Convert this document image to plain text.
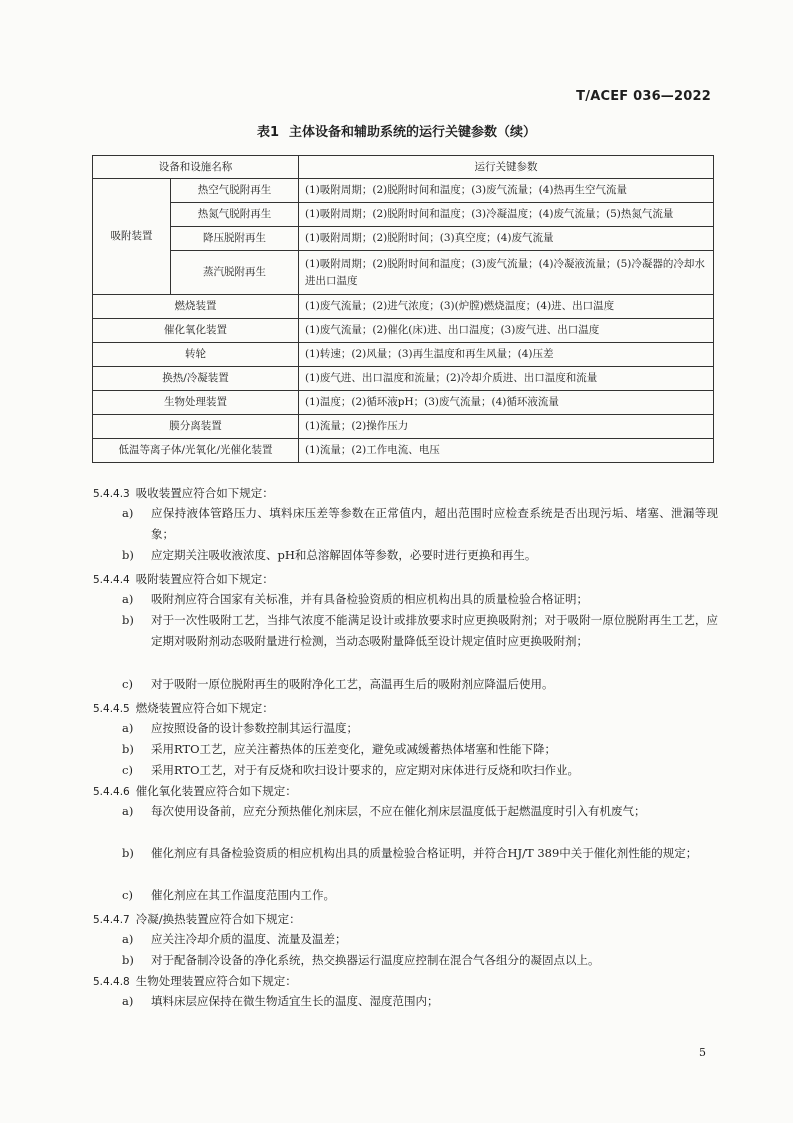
T/ACEF 036—2022
表1 主体设备和辅助系统的运行关键参数（续）
设备和设施名称		运行关键参数
吸附装置	热空气脱附再生	(1)吸附周期；(2)脱附时间和温度；(3)废气流量；(4)热再生空气流量
	热氮气脱附再生	(1)吸附周期；(2)脱附时间和温度；(3)冷凝温度；(4)废气流量；(5)热氮气流量
	降压脱附再生	(1)吸附周期；(2)脱附时间；(3)真空度；(4)废气流量
	蒸汽脱附再生	(1)吸附周期；(2)脱附时间和温度；(3)废气流量；(4)冷凝液流量；(5)冷凝器的冷却水进出口温度
燃烧装置		(1)废气流量；(2)进气浓度；(3)(炉膛)燃烧温度；(4)进、出口温度
催化氧化装置		(1)废气流量；(2)催化(床)进、出口温度；(3)废气进、出口温度
转轮		(1)转速；(2)风量；(3)再生温度和再生风量；(4)压差
换热/冷凝装置		(1)废气进、出口温度和流量；(2)冷却介质进、出口温度和流量
生物处理装置		(1)温度；(2)循环液pH；(3)废气流量；(4)循环液流量
膜分离装置		(1)流量；(2)操作压力
低温等离子体/光氧化/光催化装置		(1)流量；(2)工作电流、电压
5.4.4.3 吸收装置应符合如下规定：
a) 应保持液体管路压力、填料床压差等参数在正常值内，超出范围时应检查系统是否出现污垢、堵塞、泄漏等现象；
b) 应定期关注吸收液浓度、pH和总溶解固体等参数，必要时进行更换和再生。
5.4.4.4 吸附装置应符合如下规定：
a) 吸附剂应符合国家有关标准，并有具备检验资质的相应机构出具的质量检验合格证明；
b) 对于一次性吸附工艺，当排气浓度不能满足设计或排放要求时应更换吸附剂；对于吸附一原位脱附再生工艺，应定期对吸附剂动态吸附量进行检测，当动态吸附量降低至设计规定值时应更换吸附剂；
c) 对于吸附一原位脱附再生的吸附净化工艺，高温再生后的吸附剂应降温后使用。
5.4.4.5 燃烧装置应符合如下规定：
a) 应按照设备的设计参数控制其运行温度；
b) 采用RTO工艺，应关注蓄热体的压差变化，避免或减缓蓄热体堵塞和性能下降；
c) 采用RTO工艺，对于有反烧和吹扫设计要求的，应定期对床体进行反烧和吹扫作业。
5.4.4.6 催化氧化装置应符合如下规定：
a) 每次使用设备前，应充分预热催化剂床层，不应在催化剂床层温度低于起燃温度时引入有机废气；
b) 催化剂应有具备检验资质的相应机构出具的质量检验合格证明，并符合HJ/T 389中关于催化剂性能的规定；
c) 催化剂应在其工作温度范围内工作。
5.4.4.7 冷凝/换热装置应符合如下规定：
a) 应关注冷却介质的温度、流量及温差；
b) 对于配备制冷设备的净化系统，热交换器运行温度应控制在混合气各组分的凝固点以上。
5.4.4.8 生物处理装置应符合如下规定：
a) 填料床层应保持在微生物适宜生长的温度、湿度范围内；
5
